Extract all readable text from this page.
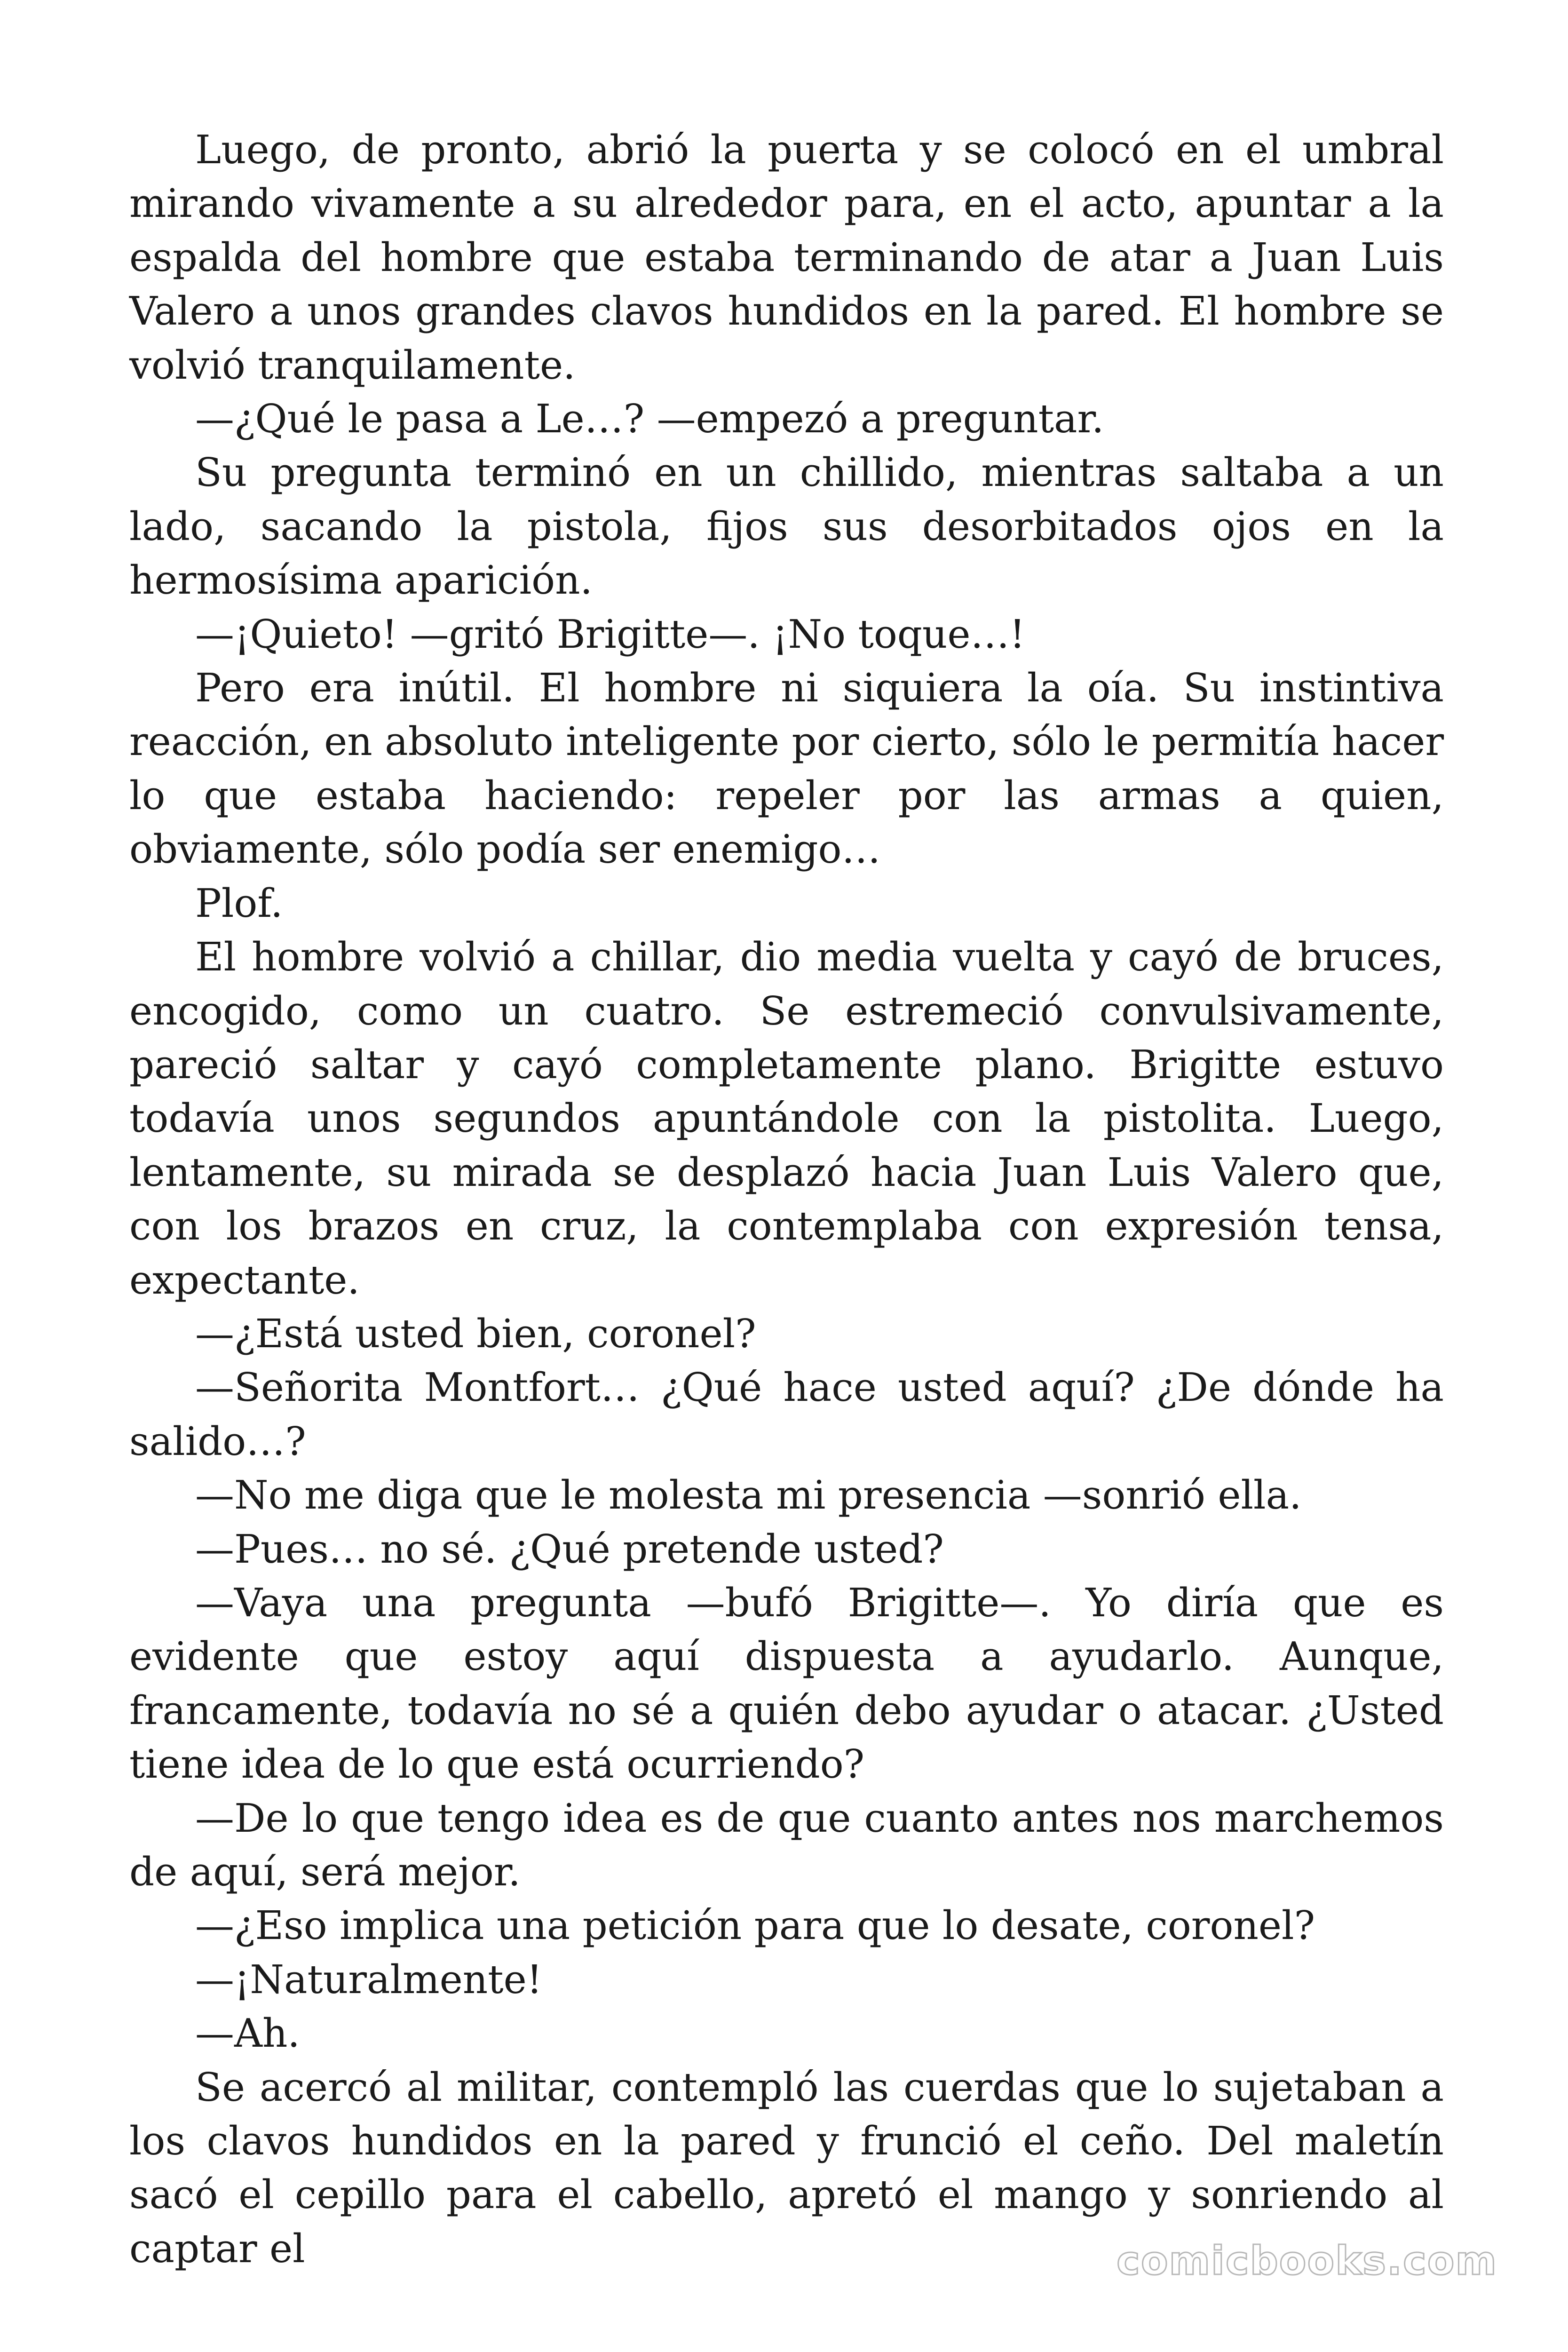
Luego, de pronto, abrió la puerta y se colocó en el umbral mirando vivamente a su alrededor para, en el acto, apuntar a la espalda del hombre que estaba terminando de atar a Juan Luis Valero a unos grandes clavos hundidos en la pared. El hombre se volvió tranquilamente.

—¿Qué le pasa a Le…? —empezó a preguntar.

Su pregunta terminó en un chillido, mientras saltaba a un lado, sacando la pistola, fijos sus desorbitados ojos en la hermosísima aparición.

—¡Quieto! —gritó Brigitte—. ¡No toque…!

Pero era inútil. El hombre ni siquiera la oía. Su instintiva reacción, en absoluto inteligente por cierto, sólo le permitía hacer lo que estaba haciendo: repeler por las armas a quien, obviamente, sólo podía ser enemigo…

Plof.

El hombre volvió a chillar, dio media vuelta y cayó de bruces, encogido, como un cuatro. Se estremeció convulsivamente, pareció saltar y cayó completamente plano. Brigitte estuvo todavía unos segundos apuntándole con la pistolita. Luego, lentamente, su mirada se desplazó hacia Juan Luis Valero que, con los brazos en cruz, la contemplaba con expresión tensa, expectante.

—¿Está usted bien, coronel?

—Señorita Montfort… ¿Qué hace usted aquí? ¿De dónde ha salido…?

—No me diga que le molesta mi presencia —sonrió ella.

—Pues… no sé. ¿Qué pretende usted?

—Vaya una pregunta —bufó Brigitte—. Yo diría que es evidente que estoy aquí dispuesta a ayudarlo. Aunque, francamente, todavía no sé a quién debo ayudar o atacar. ¿Usted tiene idea de lo que está ocurriendo?

—De lo que tengo idea es de que cuanto antes nos marchemos de aquí, será mejor.

—¿Eso implica una petición para que lo desate, coronel?

—¡Naturalmente!

—Ah.

Se acercó al militar, contempló las cuerdas que lo sujetaban a los clavos hundidos en la pared y frunció el ceño. Del maletín sacó el cepillo para el cabello, apretó el mango y sonriendo al captar el	comicbooks.com
